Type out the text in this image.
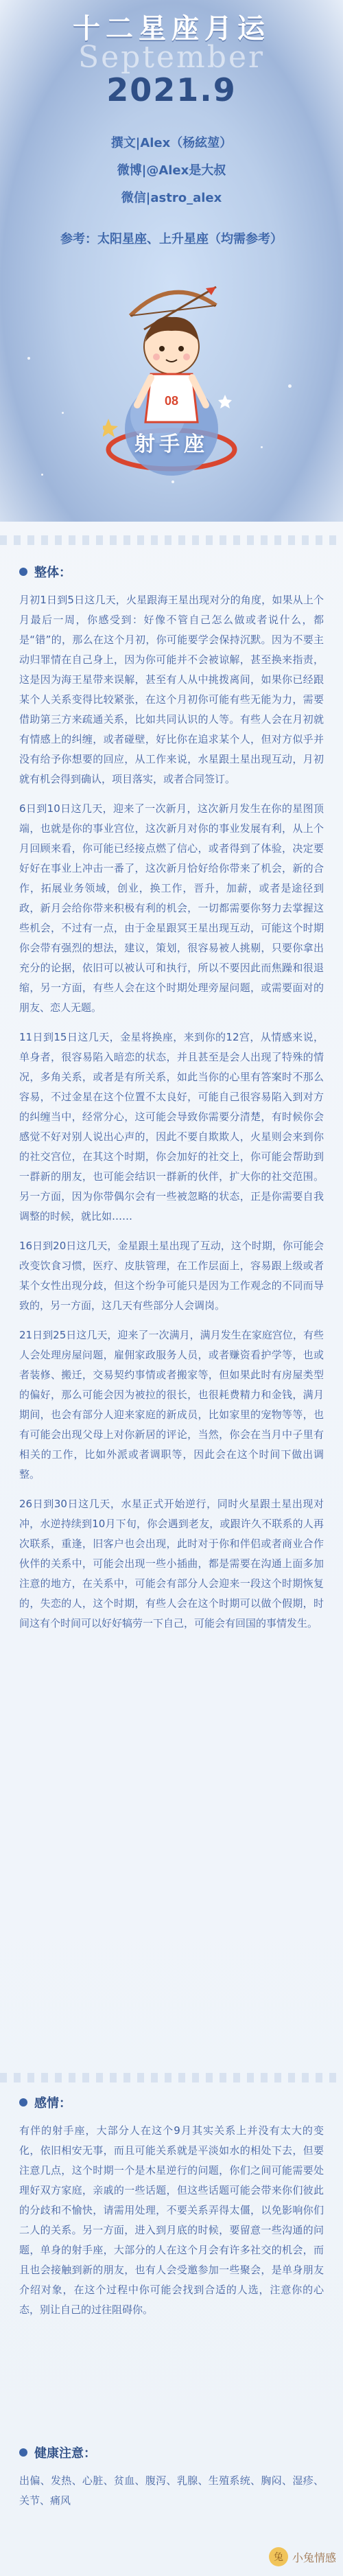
十二星座月运
September
2021.9
撰文|Alex（杨絃堃）
微博|@Alex是大叔
微信|astro_alex
参考：太阳星座、上升星座（均需参考）
08
射手座
整体：
月初1日到5日这几天，火星跟海王星出现对分的角度，如果从上个月最后一周，你感受到：好像不管自己怎么做或者说什么，都是“错”的，那么在这个月初，你可能要学会保持沉默。因为不要主动归罪情在自己身上，因为你可能并不会被谅解，甚至换来指责，这是因为海王星带来误解，甚至有人从中挑拨离间，如果你已经跟某个人关系变得比较紧张，在这个月初你可能有些无能为力，需要借助第三方来疏通关系，比如共同认识的人等。有些人会在月初就有情感上的纠缠，或者碰壁，好比你在追求某个人，但对方似乎并没有给予你想要的回应，从工作来说，水星跟土星出现互动，月初就有机会得到确认，项目落实，或者合同签订。
6日到10日这几天，迎来了一次新月，这次新月发生在你的星图顶端，也就是你的事业宫位，这次新月对你的事业发展有利，从上个月回顾来看，你可能已经接点燃了信心，或者得到了体验，决定要好好在事业上冲击一番了，这次新月恰好给你带来了机会，新的合作，拓展业务领域，创业，换工作，晋升，加薪，或者是途径到政，新月会给你带来积极有利的机会，一切都需要你努力去掌握这些机会，不过有一点，由于金星跟冥王星出现互动，可能这个时期你会带有强烈的想法，建议，策划，很容易被人挑剔，只要你拿出充分的论据，依旧可以被认可和执行，所以不要因此而焦躁和很退缩，另一方面，有些人会在这个时期处理旁屋问题，或需要面对的朋友、恋人无题。
11日到15日这几天，金星将换座，来到你的12宫，从情感来说，单身者，很容易陷入暗恋的状态，并且甚至是会人出现了特殊的情况，多角关系，或者是有所关系，如此当你的心里有答案时不那么容易，不过金星在这个位置不太良好，可能自己很容易陷入到对方的纠缠当中，经常分心，这可能会导致你需要分清楚，有时候你会感觉不好对别人说出心声的，因此不要自欺欺人，火星则会来到你的社交宫位，在其这个时期，你会加好的社交上，你可能会帮助到一群新的朋友，也可能会结识一群新的伙伴，扩大你的社交范围。另一方面，因为你带偶尔会有一些被忽略的状态，正是你需要自我调整的时候，就比如……
16日到20日这几天，金星跟土星出现了互动，这个时期，你可能会改变饮食习惯，医疗、皮肤管理，在工作层面上，容易跟上级或者某个女性出现分歧，但这个纷争可能只是因为工作观念的不同而导致的，另一方面，这几天有些部分人会调岗。
21日到25日这几天，迎来了一次满月，满月发生在家庭宫位，有些人会处理房屋问题，雇佣家政服务人员，或者赚资看护学等，也或者装修、搬迁，交易契约事情或者搬家等，但如果此时有房屋类型的偏好，那么可能会因为被拉的很长，也很耗费精力和金钱，满月期间，也会有部分人迎来家庭的新成员，比如家里的宠物等等，也有可能会出现父母上对你新居的评论，当然，你会在当月中子里有相关的工作，比如外派或者调职等，因此会在这个时间下做出调整。
26日到30日这几天，水星正式开始逆行，同时火星跟土星出现对冲，水逆持续到10月下旬，你会遇到老友，或跟许久不联系的人再次联系，重逢，旧客户也会出现，此时对于你和伴侣或者商业合作伙伴的关系中，可能会出现一些小插曲，都是需要在沟通上面多加注意的地方，在关系中，可能会有部分人会迎来一段这个时期恢复的，失恋的人，这个时期，有些人会在这个时期可以做个假期，时间这有个时间可以好好犒劳一下自己，可能会有回国的事情发生。
感情：
有伴的射手座，大部分人在这个9月其实关系上并没有太大的变化，依旧相安无事，而且可能关系就是平淡如水的相处下去，但要注意几点，这个时期一个是木星逆行的问题，你们之间可能需要处理好双方家庭，亲戚的一些话题，但这些话题可能会带来你们彼此的分歧和不愉快，请需用处理，不要关系弄得太僵，以免影响你们二人的关系。另一方面，进入到月底的时候，要留意一些沟通的问题，单身的射手座，大部分的人在这个月会有许多社交的机会，而且也会接触到新的朋友，也有人会受邀参加一些聚会，是单身朋友介绍对象，在这个过程中你可能会找到合适的人选，注意你的心态，别让自己的过往阻碍你。
健康注意：
出偏、发热、心脏、贫血、腹泻、乳腺、生殖系统、胸闷、湿疹、关节、痛风
兔 小兔情感
